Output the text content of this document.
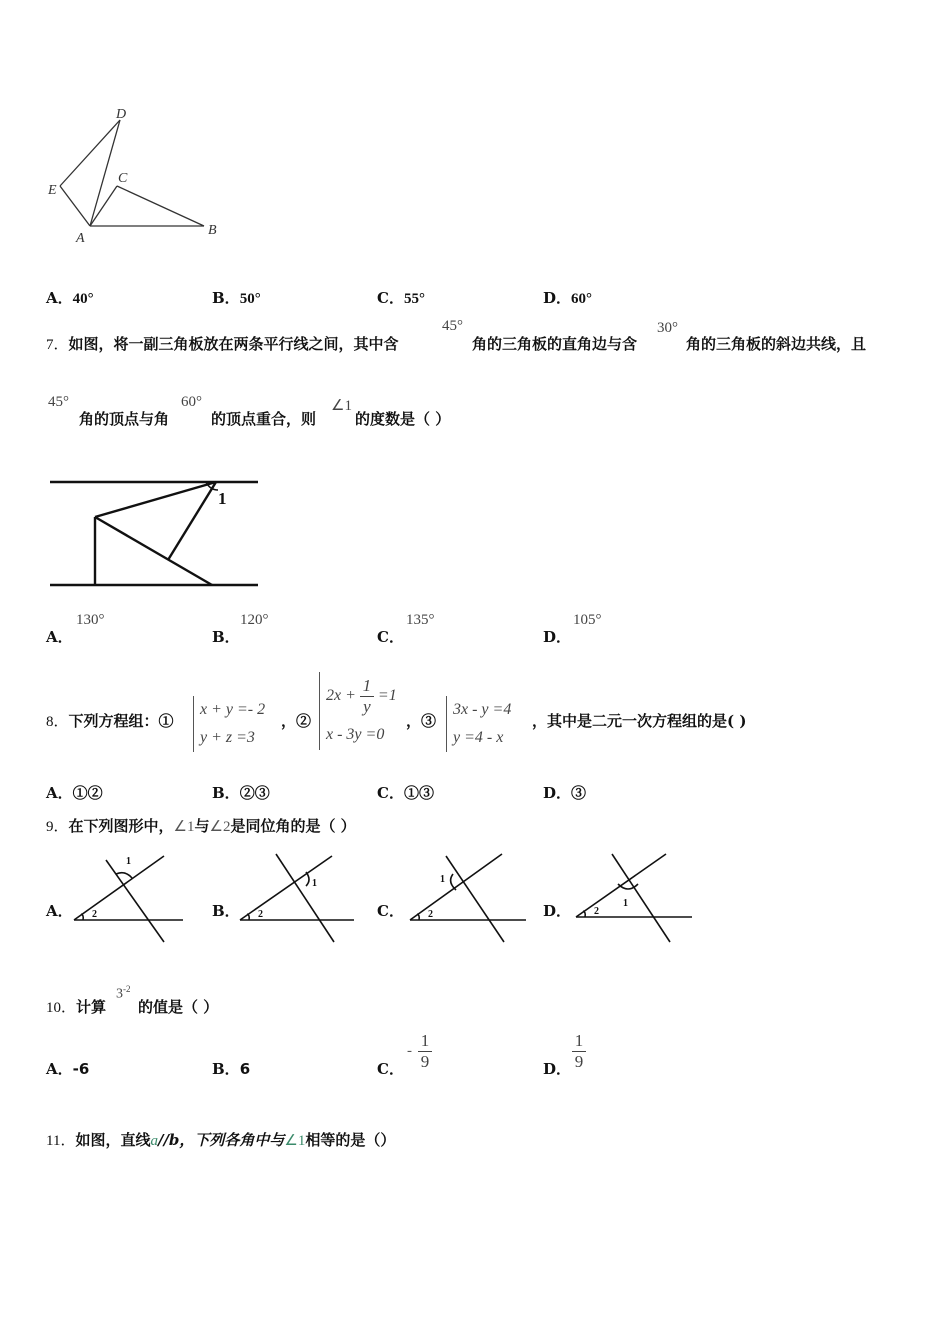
D
E
C
A
B
A．40°	B．50°	C．55°	D．60°
7．如图，将一副三角板放在两条平行线之间，其中含
45°
角的三角板的直角边与含
30°
角的三角板的斜边共线，且
45°
角的顶点与角
60°
的顶点重合，则
∠1
的度数是（ ）
1
A．
130°
B．
120°
C．
135°
D．
105°
8．下列方程组：①
x + y =- 2
y + z =3
，②
2x +
$\frac{1}{y}$
=1
x - 3y =0
，③
3x - y =4
y =4 - x
，其中是二元一次方程组的是( )
A．①②	B．②③	C．①③	D．③
9．在下列图形中，∠1与∠2是同位角的是（ ）
A．	B．	C．	D．
2
1
2
1
2
1
2
1
10．计算
$3^{-2}$
的值是（ ）
A．-6	B．6	C．
- $\frac{1}{9}$	D． $\frac{1}{9}$
11．如图，直线a//b，下列各角中与∠1相等的是（）
